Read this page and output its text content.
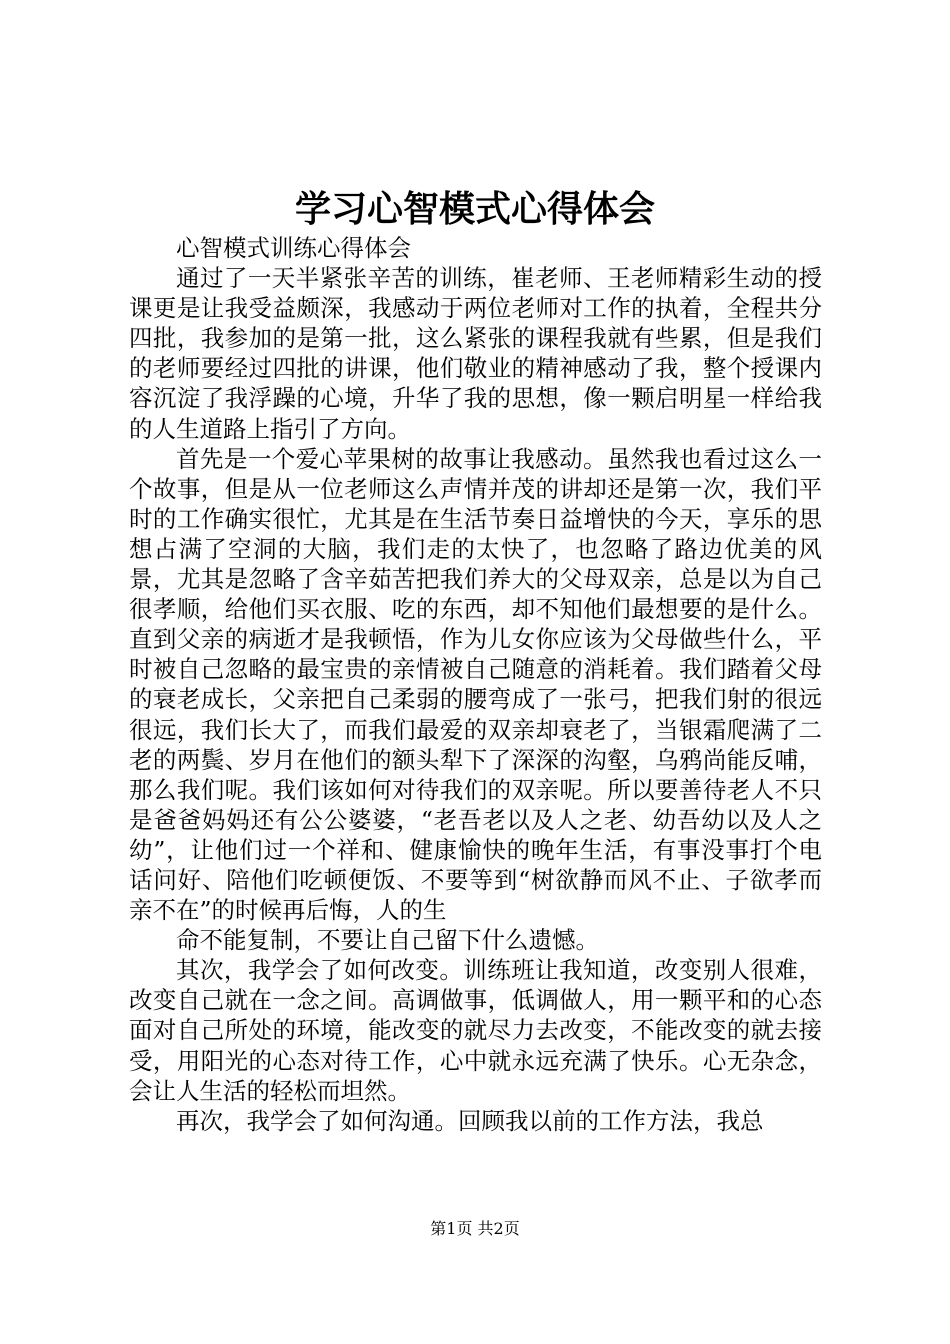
学习心智模式心得体会

心智模式训练心得体会

通过了一天半紧张辛苦的训练，崔老师、王老师精彩生动的授课更是让我受益颇深，我感动于两位老师对工作的执着，全程共分四批，我参加的是第一批，这么紧张的课程我就有些累，但是我们的老师要经过四批的讲课，他们敬业的精神感动了我，整个授课内容沉淀了我浮躁的心境，升华了我的思想，像一颗启明星一样给我的人生道路上指引了方向。

首先是一个爱心苹果树的故事让我感动。虽然我也看过这么一个故事，但是从一位老师这么声情并茂的讲却还是第一次，我们平时的工作确实很忙，尤其是在生活节奏日益增快的今天，享乐的思想占满了空洞的大脑，我们走的太快了，也忽略了路边优美的风景，尤其是忽略了含辛茹苦把我们养大的父母双亲，总是以为自己很孝顺，给他们买衣服、吃的东西，却不知他们最想要的是什么。直到父亲的病逝才是我顿悟，作为儿女你应该为父母做些什么，平时被自己忽略的最宝贵的亲情被自己随意的消耗着。我们踏着父母的衰老成长，父亲把自己柔弱的腰弯成了一张弓，把我们射的很远很远，我们长大了，而我们最爱的双亲却衰老了，当银霜爬满了二老的两鬓、岁月在他们的额头犁下了深深的沟壑，乌鸦尚能反哺，那么我们呢。我们该如何对待我们的双亲呢。所以要善待老人不只是爸爸妈妈还有公公婆婆，“老吾老以及人之老、幼吾幼以及人之幼”，让他们过一个祥和、健康愉快的晚年生活，有事没事打个电话问好、陪他们吃顿便饭、不要等到“树欲静而风不止、子欲孝而亲不在”的时候再后悔，人的生

命不能复制，不要让自己留下什么遗憾。

其次，我学会了如何改变。训练班让我知道，改变别人很难，改变自己就在一念之间。高调做事，低调做人，用一颗平和的心态面对自己所处的环境，能改变的就尽力去改变，不能改变的就去接受，用阳光的心态对待工作，心中就永远充满了快乐。心无杂念，会让人生活的轻松而坦然。

再次，我学会了如何沟通。回顾我以前的工作方法，我总

第1页 共2页
